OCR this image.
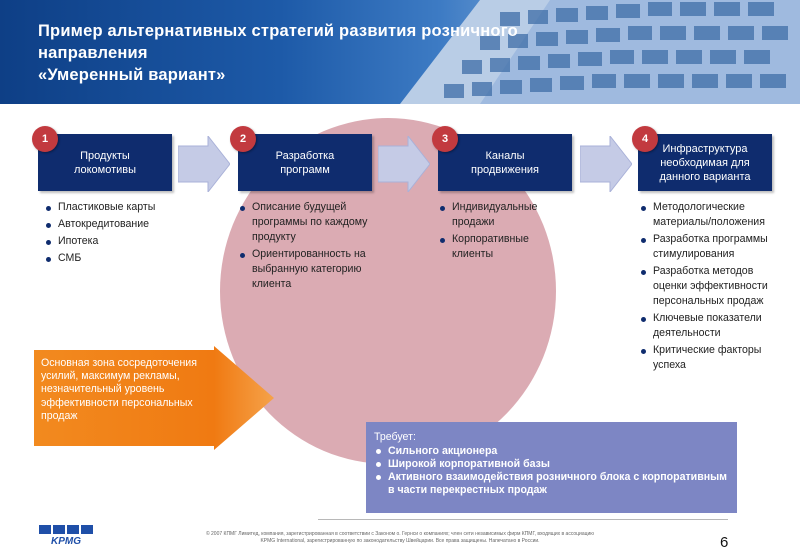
Пример альтернативных стратегий развития розничного
направления
«Умеренный вариант»
Продукты
локомотивы
1
Разработка
программ
2
Каналы
продвижения
3
Инфраструктура
необходимая для
данного варианта
4
Пластиковые карты
Автокредитование
Ипотека
СМБ
Описание будущей программы по каждому продукту
Ориентированность на выбранную категорию клиента
Индивидуальные продажи
Корпоративные клиенты
Методологические материалы/положения
Разработка программы стимулирования
Разработка методов оценки эффективности персональных продаж
Ключевые показатели деятельности
Критические факторы успеха
Основная зона сосредоточения усилий, максимум рекламы, незначительный уровень эффективности персональных продаж
Требует:
Сильного акционера
Широкой корпоративной базы
Активного взаимодействия розничного блока с корпоративным в части перекрестных продаж
© 2007 КПМГ Лимитед, компания, зарегистрированная в соответствии с Законом о. Гернси о компаниях; член сети независимых фирм КПМГ, входящих в ассоциацию
KPMG International, зарегистрированную по законодательству Швейцарии. Все права защищены. Напечатано в России.
KPMG	6
